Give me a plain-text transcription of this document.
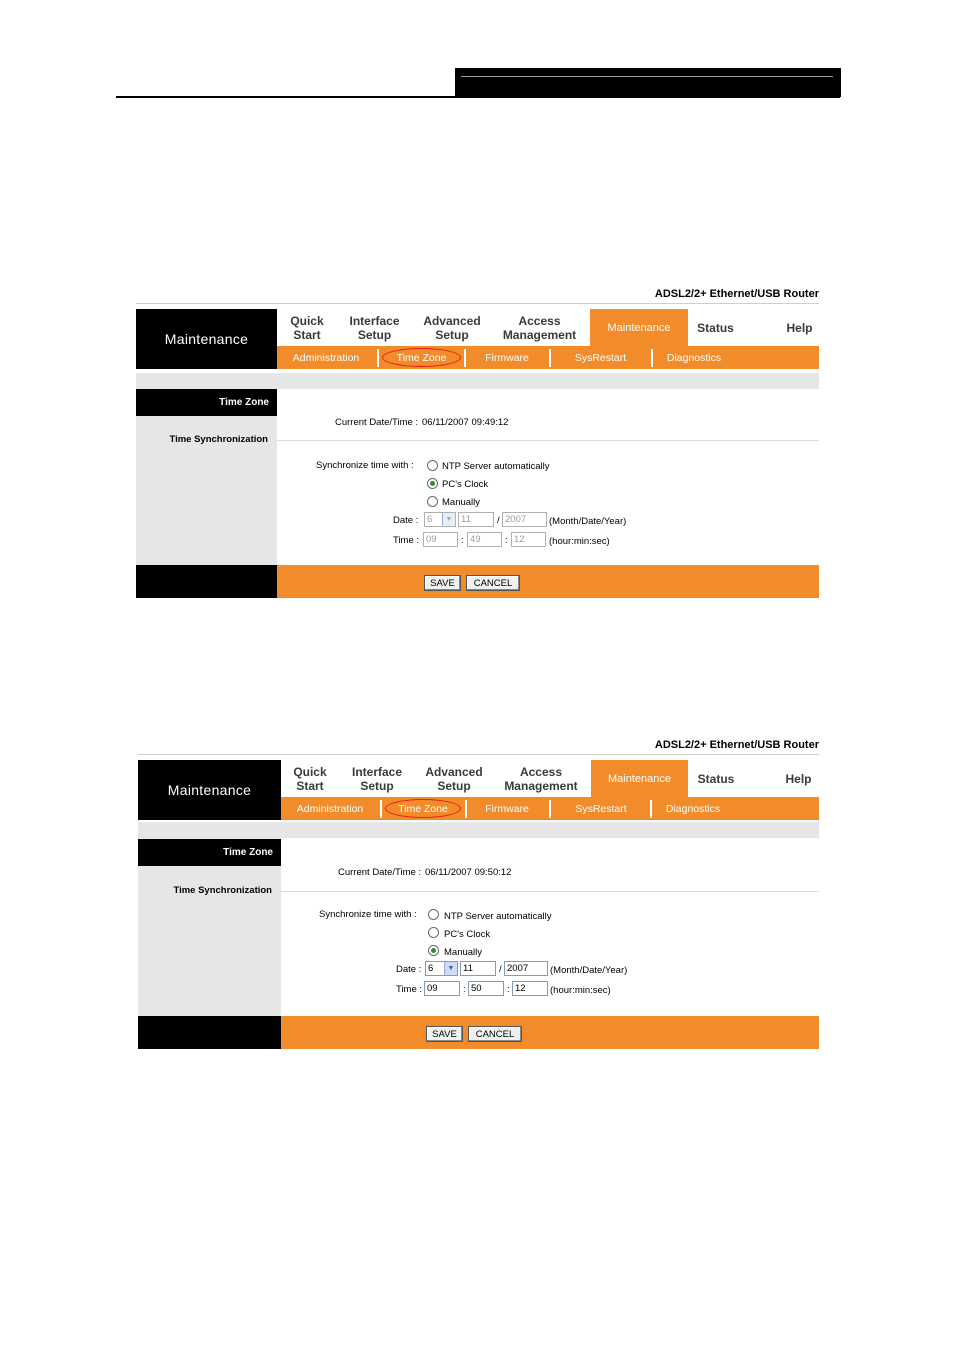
ADSL2/2+ Ethernet/USB Router
Maintenance
Quick
Start
Interface
Setup
Advanced
Setup
Access
Management	Maintenance Status	Help
Administration	Time Zone	Firmware	SysRestart	Diagnostics
Time Zone
Time Synchronization
Current Date/Time : 06/11/2007 09:49:12
Synchronize time with :	NTP Server automatically
PC's Clock
Manually
Date : 6	▼ 11	/ 2007	(Month/Date/Year)
Time : 09	: 49	: 12	(hour:min:sec)
SAVE	CANCEL
ADSL2/2+ Ethernet/USB Router
Maintenance
Quick
Start
Interface
Setup
Advanced
Setup
Access
Management	Maintenance Status	Help
Administration	Time Zone	Firmware	SysRestart	Diagnostics
Time Zone
Time Synchronization
Current Date/Time : 06/11/2007 09:50:12
Synchronize time with :	NTP Server automatically
PC's Clock
Manually
Date : 6	▼ 11	/ 2007	(Month/Date/Year)
Time : 09	: 50	: 12	(hour:min:sec)
SAVE	CANCEL
